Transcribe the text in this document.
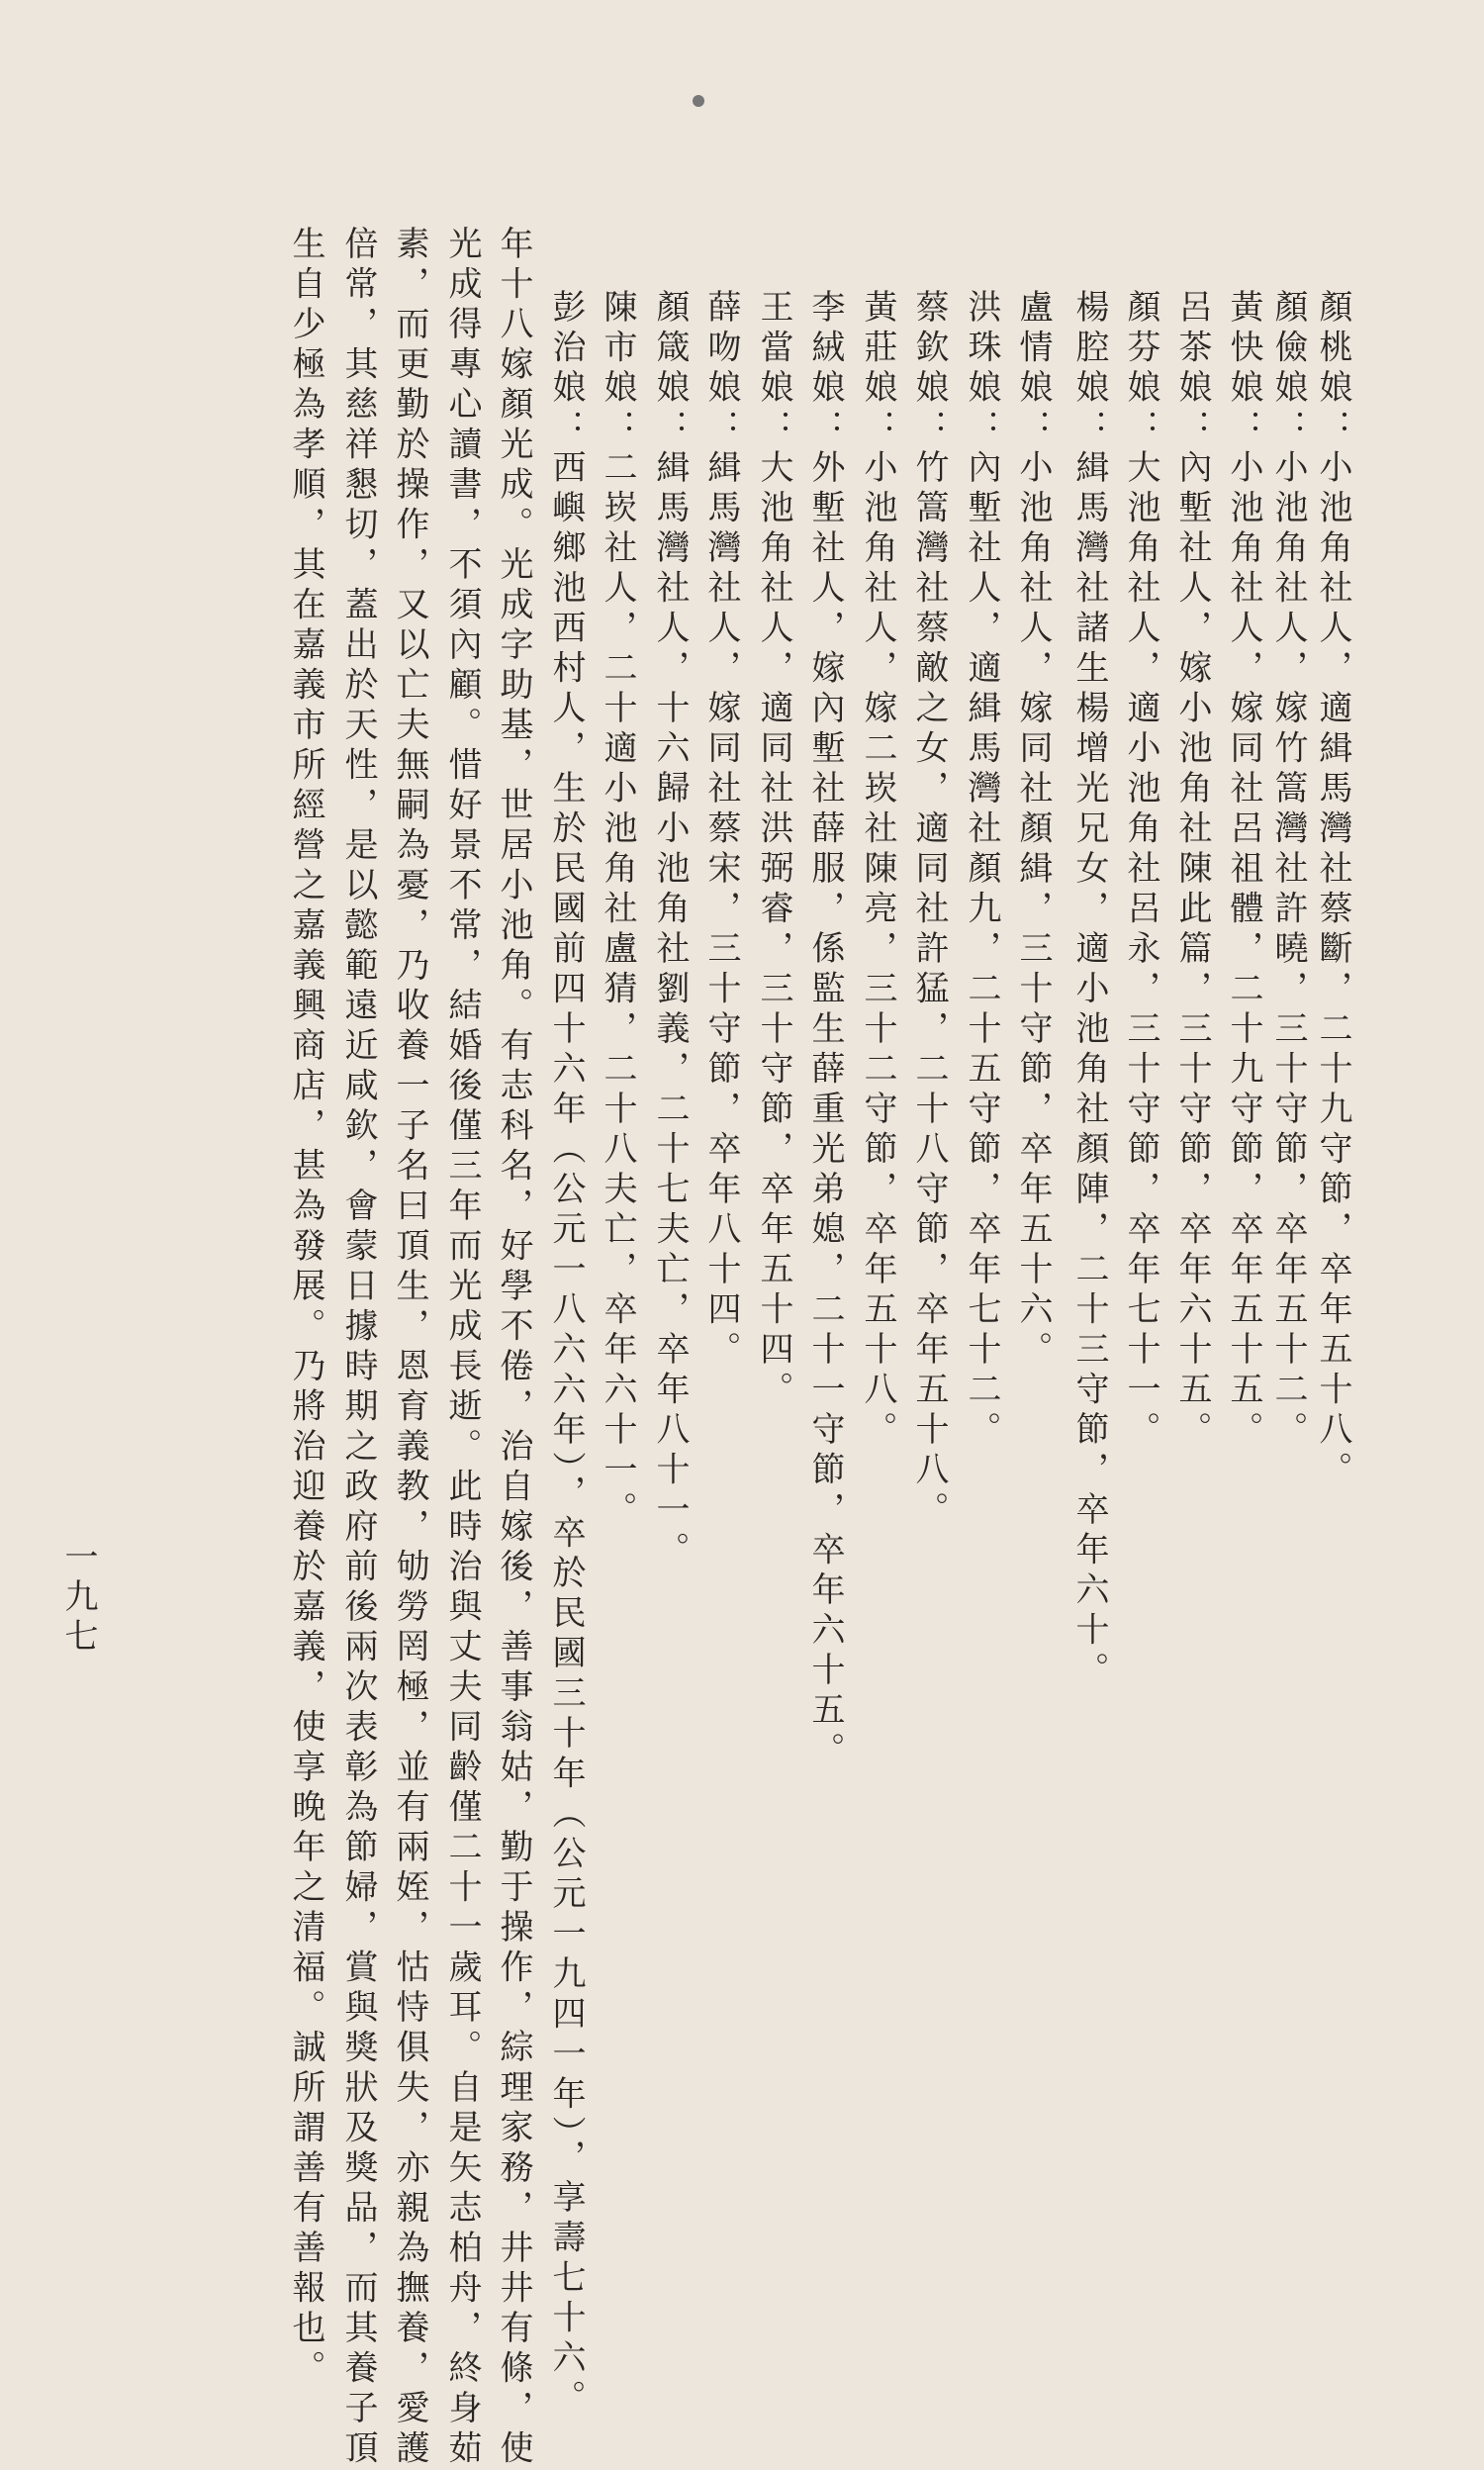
顏桃娘：小池角社人，適緝馬灣社蔡斷，二十九守節，卒年五十八。
顏儉娘：小池角社人，嫁竹篙灣社許曉，三十守節，卒年五十二。
黃快娘：小池角社人，嫁同社呂祖體，二十九守節，卒年五十五。
呂茶娘：內塹社人，嫁小池角社陳此篇，三十守節，卒年六十五。
顏芬娘：大池角社人，適小池角社呂永，三十守節，卒年七十一。
楊腔娘：緝馬灣社諸生楊增光兄女，適小池角社顏陣，二十三守節，卒年六十。
盧情娘：小池角社人，嫁同社顏緝，三十守節，卒年五十六。
洪珠娘：內塹社人，適緝馬灣社顏九，二十五守節，卒年七十二。
蔡欽娘：竹篙灣社蔡敵之女，適同社許猛，二十八守節，卒年五十八。
黃莊娘：小池角社人，嫁二崁社陳亮，三十二守節，卒年五十八。
李絨娘：外塹社人，嫁內塹社薛服，係監生薛重光弟媳，二十一守節，卒年六十五。
王當娘：大池角社人，適同社洪弼睿，三十守節，卒年五十四。
薛吻娘：緝馬灣社人，嫁同社蔡宋，三十守節，卒年八十四。
顏箴娘：緝馬灣社人，十六歸小池角社劉義，二十七夫亡，卒年八十一。
陳市娘：二崁社人，二十適小池角社盧猜，二十八夫亡，卒年六十一。
彭治娘：西嶼鄉池西村人，生於民國前四十六年（公元一八六六年），卒於民國三十年（公元一九四一年），享壽七十六。
年十八嫁顏光成。光成字助基，世居小池角。有志科名，好學不倦，治自嫁後，善事翁姑，勤于操作，綜理家務，井井有條，使
光成得專心讀書，不須內顧。惜好景不常，結婚後僅三年而光成長逝。此時治與丈夫同齡僅二十一歲耳。自是矢志柏舟，終身茹
素，而更勤於操作，又以亡夫無嗣為憂，乃收養一子名曰頂生，恩育義教，劬勞罔極，並有兩姪，怙恃俱失，亦親為撫養，愛護
倍常，其慈祥懇切，蓋出於天性，是以懿範遠近咸欽，會蒙日據時期之政府前後兩次表彰為節婦，賞與獎狀及獎品，而其養子頂
生自少極為孝順，其在嘉義市所經營之嘉義興商店，甚為發展。乃將治迎養於嘉義，使享晚年之清福。誠所謂善有善報也。
一九七
